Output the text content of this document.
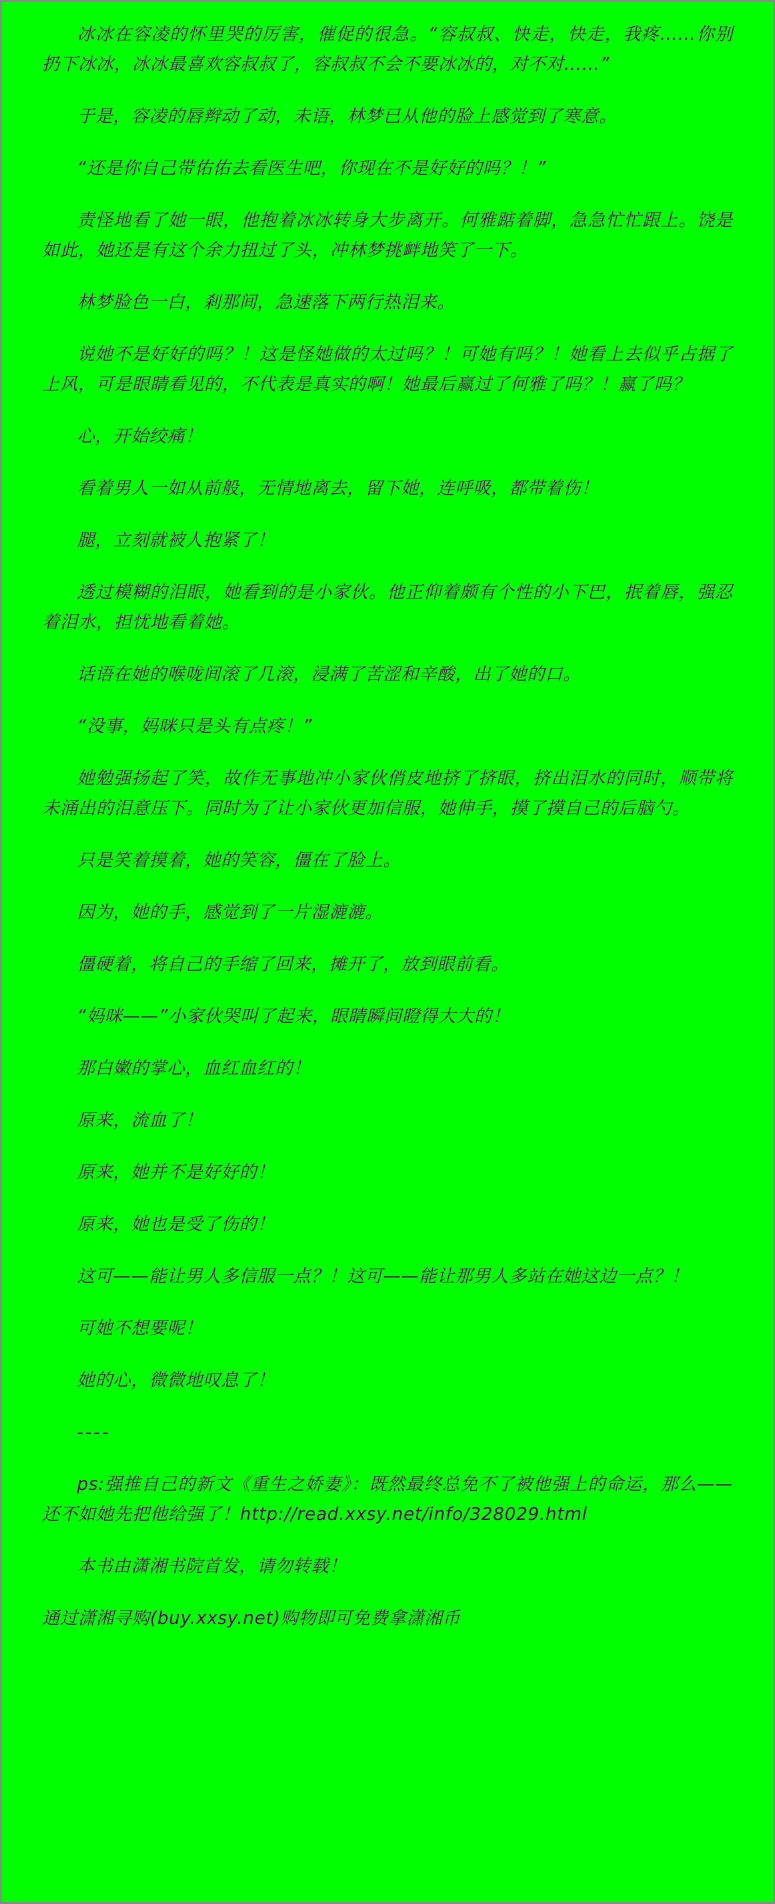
冰冰在容凌的怀里哭的厉害，催促的很急。“容叔叔、快走，快走，我疼……你别扔下冰冰，冰冰最喜欢容叔叔了，容叔叔不会不要冰冰的，对不对……”

于是，容凌的唇辫动了动，未语，林梦已从他的脸上感觉到了寒意。

“还是你自己带佑佑去看医生吧，你现在不是好好的吗？！”

责怪地看了她一眼，他抱着冰冰转身大步离开。何雅踮着脚，急急忙忙跟上。饶是如此，她还是有这个余力扭过了头，冲林梦挑衅地笑了一下。

林梦脸色一白，剎那间，急速落下两行热泪来。

说她不是好好的吗？！这是怪她做的太过吗？！可她有吗？！她看上去似乎占据了上风，可是眼睛看见的，不代表是真实的啊！她最后赢过了何雅了吗？！赢了吗？

心，开始绞痛！

看着男人一如从前般，无情地离去，留下她，连呼吸，都带着伤！

腿，立刻就被人抱紧了！

透过模糊的泪眼，她看到的是小家伙。他正仰着颇有个性的小下巴，抿着唇，强忍着泪水，担忧地看着她。

话语在她的喉咙间滚了几滚，浸满了苦涩和辛酸，出了她的口。

“没事，妈咪只是头有点疼！”

她勉强扬起了笑，故作无事地冲小家伙俏皮地挤了挤眼，挤出泪水的同时，顺带将未涌出的泪意压下。同时为了让小家伙更加信服，她伸手，摸了摸自己的后脑勺。

只是笑着摸着，她的笑容，僵在了脸上。

因为，她的手，感觉到了一片湿漉漉。

僵硬着，将自己的手缩了回来，摊开了，放到眼前看。

“妈咪——”小家伙哭叫了起来，眼睛瞬间瞪得大大的！

那白嫩的掌心，血红血红的！

原来，流血了！

原来，她并不是好好的！

原来，她也是受了伤的！

这可——能让男人多信服一点？！这可——能让那男人多站在她这边一点？！

可她不想要呢！

她的心，微微地叹息了！

----

ps:强推自己的新文《重生之娇妻》：既然最终总免不了被他强上的命运，那么——还不如她先把他给强了！http://read.xxsy.net/info/328029.html

本书由潇湘书院首发，请勿转载！

通过潇湘寻购(buy.xxsy.net)购物即可免费拿潇湘币
